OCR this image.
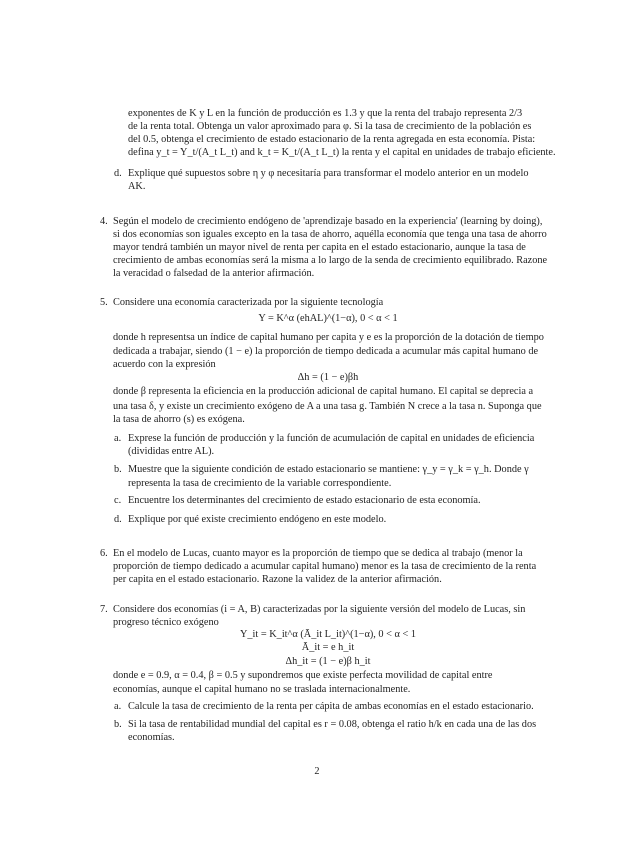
exponentes de K y L en la función de producción es 1.3 y que la renta del trabajo representa 2/3
de la renta total. Obtenga un valor aproximado para φ. Si la tasa de crecimiento de la población es
del 0.5, obtenga el crecimiento de estado estacionario de la renta agregada en esta economía. Pista:
defina y_t = Y_t/(A_t L_t) and k_t = K_t/(A_t L_t) la renta y el capital en unidades de trabajo eficiente.
d. Explique qué supuestos sobre η y φ necesitaría para transformar el modelo anterior en un modelo
AK.
4. Según el modelo de crecimiento endógeno de 'aprendizaje basado en la experiencia' (learning by doing),
si dos economías son iguales excepto en la tasa de ahorro, aquélla economía que tenga una tasa de ahorro
mayor tendrá también un mayor nivel de renta per capita en el estado estacionario, aunque la tasa de
crecimiento de ambas economías será la misma a lo largo de la senda de crecimiento equilibrado. Razone
la veracidad o falsedad de la anterior afirmación.
5. Considere una economía caracterizada por la siguiente tecnología
Y = K^α (ehAL)^(1−α), 0 < α < 1
donde h representsa un índice de capital humano per capita y e es la proporción de la dotación de tiempo
dedicada a trabajar, siendo (1 − e) la proporción de tiempo dedicada a acumular más capital humano de
acuerdo con la expresión
Δh = (1 − e)βh
donde β representa la eficiencia en la producción adicional de capital humano. El capital se deprecia a
una tasa δ, y existe un crecimiento exógeno de A a una tasa g. También N crece a la tasa n. Suponga que
la tasa de ahorro (s) es exógena.
a. Exprese la función de producción y la función de acumulación de capital en unidades de eficiencia
(divididas entre AL).
b. Muestre que la siguiente condición de estado estacionario se mantiene: γ_y = γ_k = γ_h. Donde γ
representa la tasa de crecimiento de la variable correspondiente.
c. Encuentre los determinantes del crecimiento de estado estacionario de esta economía.
d. Explique por qué existe crecimiento endógeno en este modelo.
6. En el modelo de Lucas, cuanto mayor es la proporción de tiempo que se dedica al trabajo (menor la
proporción de tiempo dedicado a acumular capital humano) menor es la tasa de crecimiento de la renta
per capita en el estado estacionario. Razone la validez de la anterior afirmación.
7. Considere dos economías (i = A, B) caracterizadas por la siguiente versión del modelo de Lucas, sin
progreso técnico exógeno
Y_it = K_it^α (Ā_it L_it)^(1−α), 0 < α < 1
Ā_it = e h_it
Δh_it = (1 − e)β h_it
donde e = 0.9, α = 0.4, β = 0.5 y supondremos que existe perfecta movilidad de capital entre
economías, aunque el capital humano no se traslada internacionalmente.
a. Calcule la tasa de crecimiento de la renta per cápita de ambas economías en el estado estacionario.
b. Si la tasa de rentabilidad mundial del capital es r = 0.08, obtenga el ratio h/k en cada una de las dos
economías.
2
